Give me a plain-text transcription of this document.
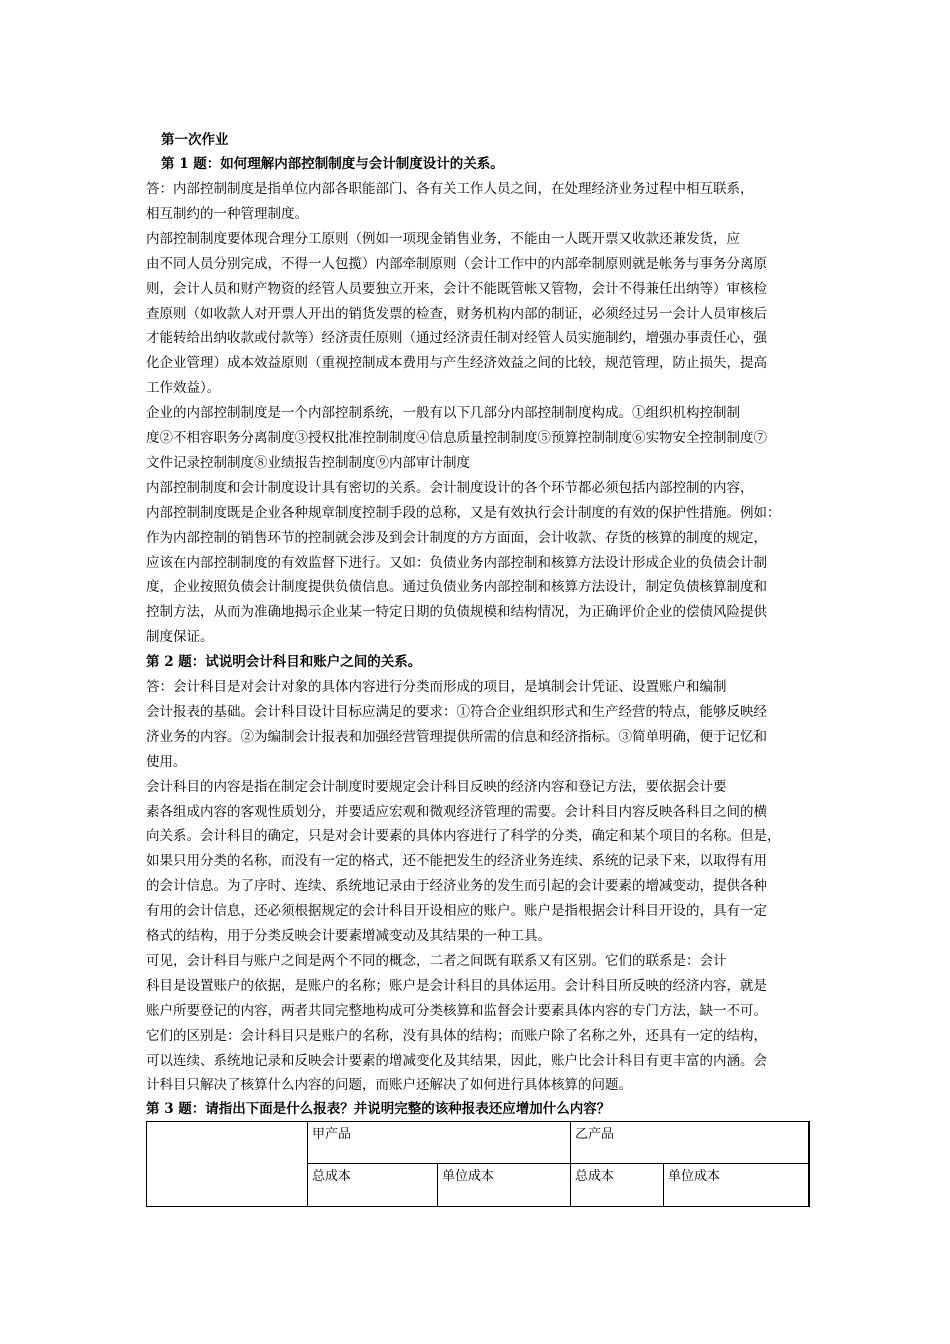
第一次作业
第 1 题：如何理解内部控制制度与会计制度设计的关系。
答：内部控制制度是指单位内部各职能部门、各有关工作人员之间，在处理经济业务过程中相互联系，
相互制约的一种管理制度。
内部控制制度要体现合理分工原则（例如一项现金销售业务，不能由一人既开票又收款还兼发货，应
由不同人员分别完成，不得一人包揽）内部牵制原则（会计工作中的内部牵制原则就是帐务与事务分离原
则，会计人员和财产物资的经管人员要独立开来，会计不能既管帐又管物，会计不得兼任出纳等）审核检
查原则（如收款人对开票人开出的销货发票的检查，财务机构内部的制证，必须经过另一会计人员审核后
才能转给出纳收款或付款等）经济责任原则（通过经济责任制对经管人员实施制约，增强办事责任心，强
化企业管理）成本效益原则（重视控制成本费用与产生经济效益之间的比较，规范管理，防止损失，提高
工作效益）。
企业的内部控制制度是一个内部控制系统，一般有以下几部分内部控制制度构成。①组织机构控制制
度②不相容职务分离制度③授权批准控制制度④信息质量控制制度⑤预算控制制度⑥实物安全控制制度⑦
文件记录控制制度⑧业绩报告控制制度⑨内部审计制度
内部控制制度和会计制度设计具有密切的关系。会计制度设计的各个环节都必须包括内部控制的内容，
内部控制制度既是企业各种规章制度控制手段的总称，又是有效执行会计制度的有效的保护性措施。例如：
作为内部控制的销售环节的控制就会涉及到会计制度的方方面面，会计收款、存货的核算的制度的规定，
应该在内部控制制度的有效监督下进行。又如：负债业务内部控制和核算方法设计形成企业的负债会计制
度，企业按照负债会计制度提供负债信息。通过负债业务内部控制和核算方法设计，制定负债核算制度和
控制方法，从而为准确地揭示企业某一特定日期的负债规模和结构情况，为正确评价企业的偿债风险提供
制度保证。
第 2 题：试说明会计科目和账户之间的关系。
答：会计科目是对会计对象的具体内容进行分类而形成的项目，是填制会计凭证、设置账户和编制
会计报表的基础。会计科目设计目标应满足的要求：①符合企业组织形式和生产经营的特点，能够反映经
济业务的内容。②为编制会计报表和加强经营管理提供所需的信息和经济指标。③简单明确，便于记忆和
使用。
会计科目的内容是指在制定会计制度时要规定会计科目反映的经济内容和登记方法，要依据会计要
素各组成内容的客观性质划分，并要适应宏观和微观经济管理的需要。会计科目内容反映各科目之间的横
向关系。会计科目的确定，只是对会计要素的具体内容进行了科学的分类，确定和某个项目的名称。但是，
如果只用分类的名称，而没有一定的格式，还不能把发生的经济业务连续、系统的记录下来，以取得有用
的会计信息。为了序时、连续、系统地记录由于经济业务的发生而引起的会计要素的增减变动，提供各种
有用的会计信息，还必须根据规定的会计科目开设相应的账户。账户是指根据会计科目开设的，具有一定
格式的结构，用于分类反映会计要素增减变动及其结果的一种工具。
可见，会计科目与账户之间是两个不同的概念，二者之间既有联系又有区别。它们的联系是：会计
科目是设置账户的依据，是账户的名称；账户是会计科目的具体运用。会计科目所反映的经济内容，就是
账户所要登记的内容，两者共同完整地构成可分类核算和监督会计要素具体内容的专门方法，缺一不可。
它们的区别是：会计科目只是账户的名称，没有具体的结构；而账户除了名称之外，还具有一定的结构，
可以连续、系统地记录和反映会计要素的增减变化及其结果，因此，账户比会计科目有更丰富的内涵。会
计科目只解决了核算什么内容的问题，而账户还解决了如何进行具体核算的问题。
第 3 题：请指出下面是什么报表？并说明完整的该种报表还应增加什么内容？
甲产品	乙产品
总成本	单位成本	总成本	单位成本
